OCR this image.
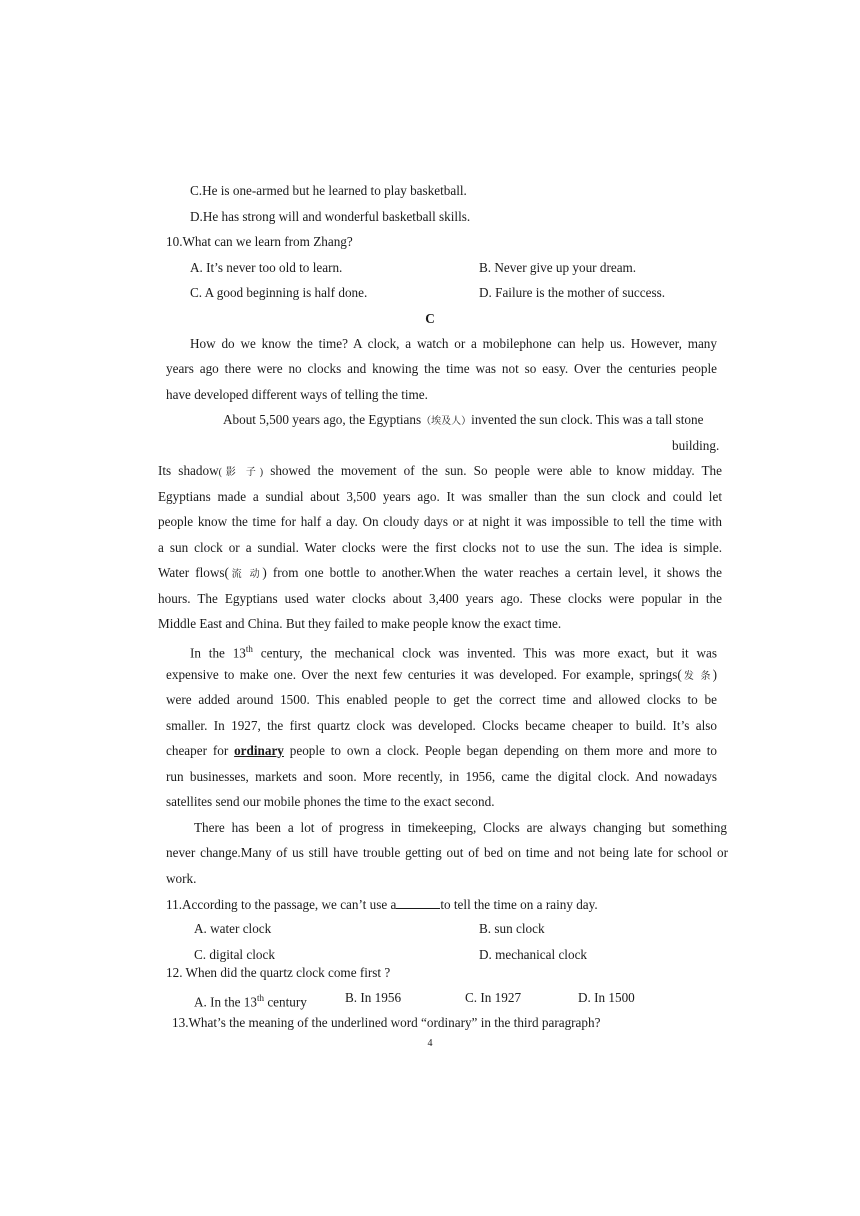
C.He is one-armed but he learned to play basketball.
D.He has strong will and wonderful basketball skills.
10.What can we learn from Zhang?
A. It’s never too old to learn.	B. Never give up your dream.
C. A good beginning is half done.	D. Failure is the mother of success.
C
How do we know the time? A clock, a watch or a mobilephone can help us. However, many
years ago there were no clocks and knowing the time was not so easy. Over the centuries people
have developed different ways of telling the time.
About 5,500 years ago, the Egyptians（埃及人）invented the sun clock. This was a tall stone
building.
Its shadow(影 子) showed the movement of the sun. So people were able to know midday. The
Egyptians made a sundial about 3,500 years ago. It was smaller than the sun clock and could let
people know the time for half a day. On cloudy days or at night it was impossible to tell the time with
a sun clock or a sundial. Water clocks were the first clocks not to use the sun. The idea is simple.
Water flows(流 动) from one bottle to another.When the water reaches a certain level, it shows the
hours. The Egyptians used water clocks about 3,400 years ago. These clocks were popular in the
Middle East and China. But they failed to make people know the exact time.
In the 13th century, the mechanical clock was invented. This was more exact, but it was
expensive to make one. Over the next few centuries it was developed. For example, springs(发 条)
were added around 1500. This enabled people to get the correct time and allowed clocks to be
smaller. In 1927, the first quartz clock was developed. Clocks became cheaper to build. It’s also
cheaper for ordinary people to own a clock. People began depending on them more and more to
run businesses, markets and soon. More recently, in 1956, came the digital clock. And nowadays
satellites send our mobile phones the time to the exact second.
There has been a lot of progress in timekeeping, Clocks are always changing but something
never change.Many of us still have trouble getting out of bed on time and not being late for school or
work.
11.According to the passage, we can’t use a	to tell the time on a rainy day.
A. water clock	B. sun clock
C. digital clock	D. mechanical clock
12. When did the quartz clock come first ?
A. In the 13th century	B. In 1956	C. In 1927	D. In 1500
13.What’s the meaning of the underlined word “ordinary” in the third paragraph?
4
